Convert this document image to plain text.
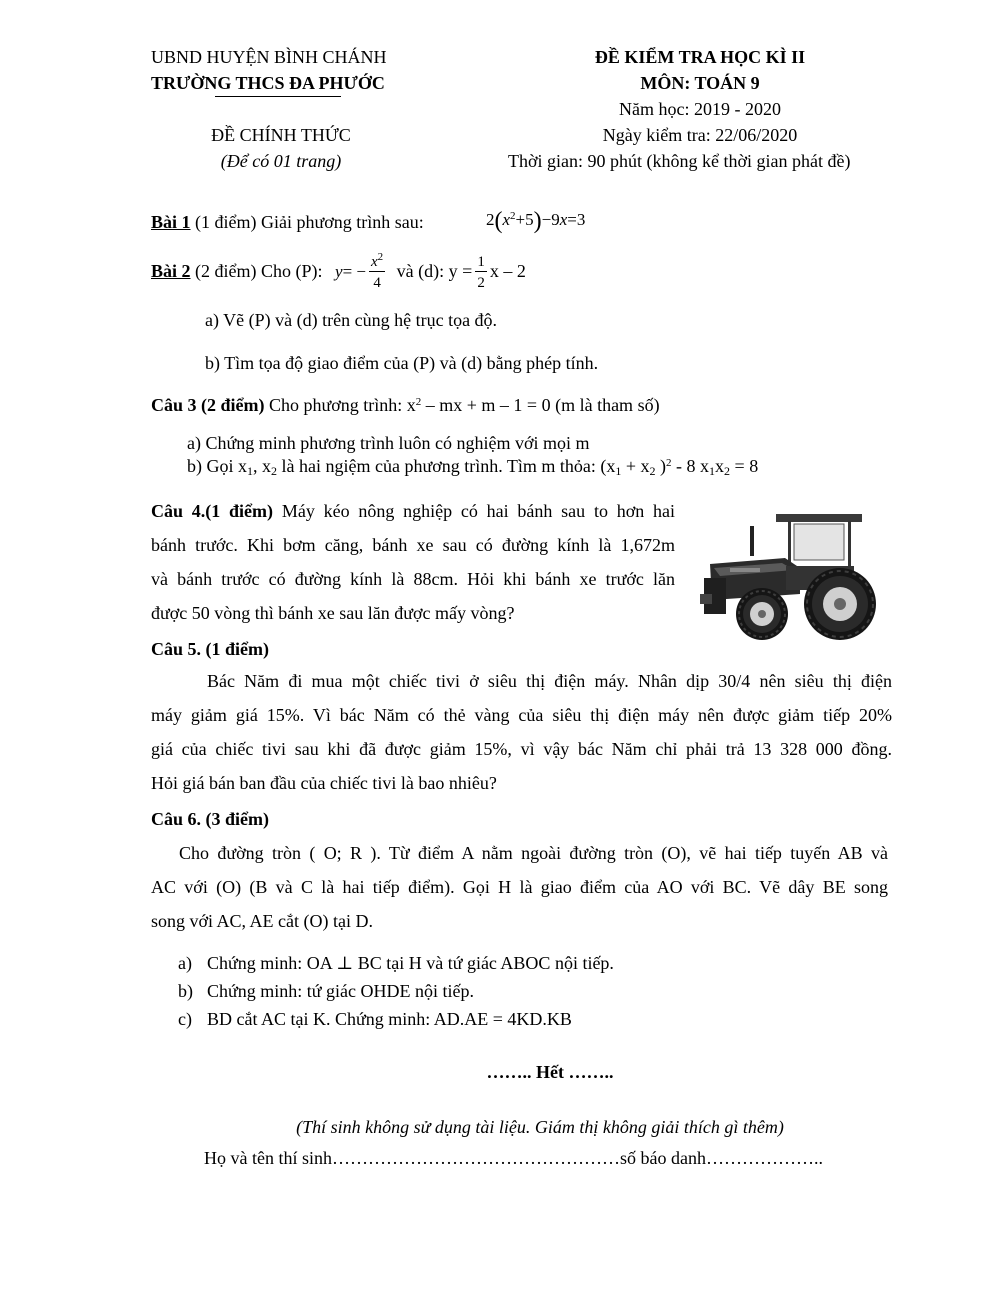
UBND HUYỆN BÌNH CHÁNH
TRƯỜNG THCS ĐA PHƯỚC
ĐỀ CHÍNH THỨC
(Để có 01 trang)
ĐỀ KIỂM TRA HỌC KÌ II
MÔN: TOÁN 9
Năm học: 2019 - 2020
Ngày kiểm tra: 22/06/2020
Thời gian: 90 phút (không kể thời gian phát đề)
Bài 1 (1 điểm) Giải phương trình sau:	$2(x^2+5)-9x=3$
Bài 2 (2 điểm) Cho (P): $y= - \frac{x^2}{4}$ và (d): $y = \frac{1}{2}$ x – 2
a) Vẽ (P) và (d) trên cùng hệ trục tọa độ.
b) Tìm tọa độ giao điểm của (P) và (d) bằng phép tính.
Câu 3 (2 điểm) Cho phương trình: $x^2$ – mx + m – 1 = 0 (m là tham số)
a) Chứng minh phương trình luôn có nghiệm với mọi m
b) Gọi $x_1$, $x_2$ là hai ngiệm của phương trình. Tìm m thỏa: ($x_1 + x_2$ )$^2$ - 8 $x_1x_2 = 8$
Câu 4.(1 điểm) Máy kéo nông nghiệp có hai bánh sau to hơn hai
bánh trước. Khi bơm căng, bánh xe sau có đường kính là 1,672m
và bánh trước có đường kính là 88cm. Hỏi khi bánh xe trước lăn
được 50 vòng thì bánh xe sau lăn được mấy vòng?
Câu 5. (1 điểm)
Bác Năm đi mua một chiếc tivi ở siêu thị điện máy. Nhân dịp 30/4 nên siêu thị điện
máy giảm giá 15%. Vì bác Năm có thẻ vàng của siêu thị điện máy nên được giảm tiếp 20%
giá của chiếc tivi sau khi đã được giảm 15%, vì vậy bác Năm chỉ phải trả 13 328 000 đồng.
Hỏi giá bán ban đầu của chiếc tivi là bao nhiêu?
Câu 6. (3 điểm)
Cho đường tròn ( O; R ). Từ điểm A nằm ngoài đường tròn (O), vẽ hai tiếp tuyến AB và
AC với (O) (B và C là hai tiếp điểm). Gọi H là giao điểm của AO với BC. Vẽ dây BE song
song với AC, AE cắt (O) tại D.
a) Chứng minh: OA ⊥ BC tại H và tứ giác ABOC nội tiếp.
b) Chứng minh: tứ giác OHDE nội tiếp.
c) BD cắt AC tại K. Chứng minh: AD.AE = 4KD.KB
…….. Hết ……..
(Thí sinh không sử dụng tài liệu. Giám thị không giải thích gì thêm)
Họ và tên thí sinh…………………………………………số báo danh………………..
